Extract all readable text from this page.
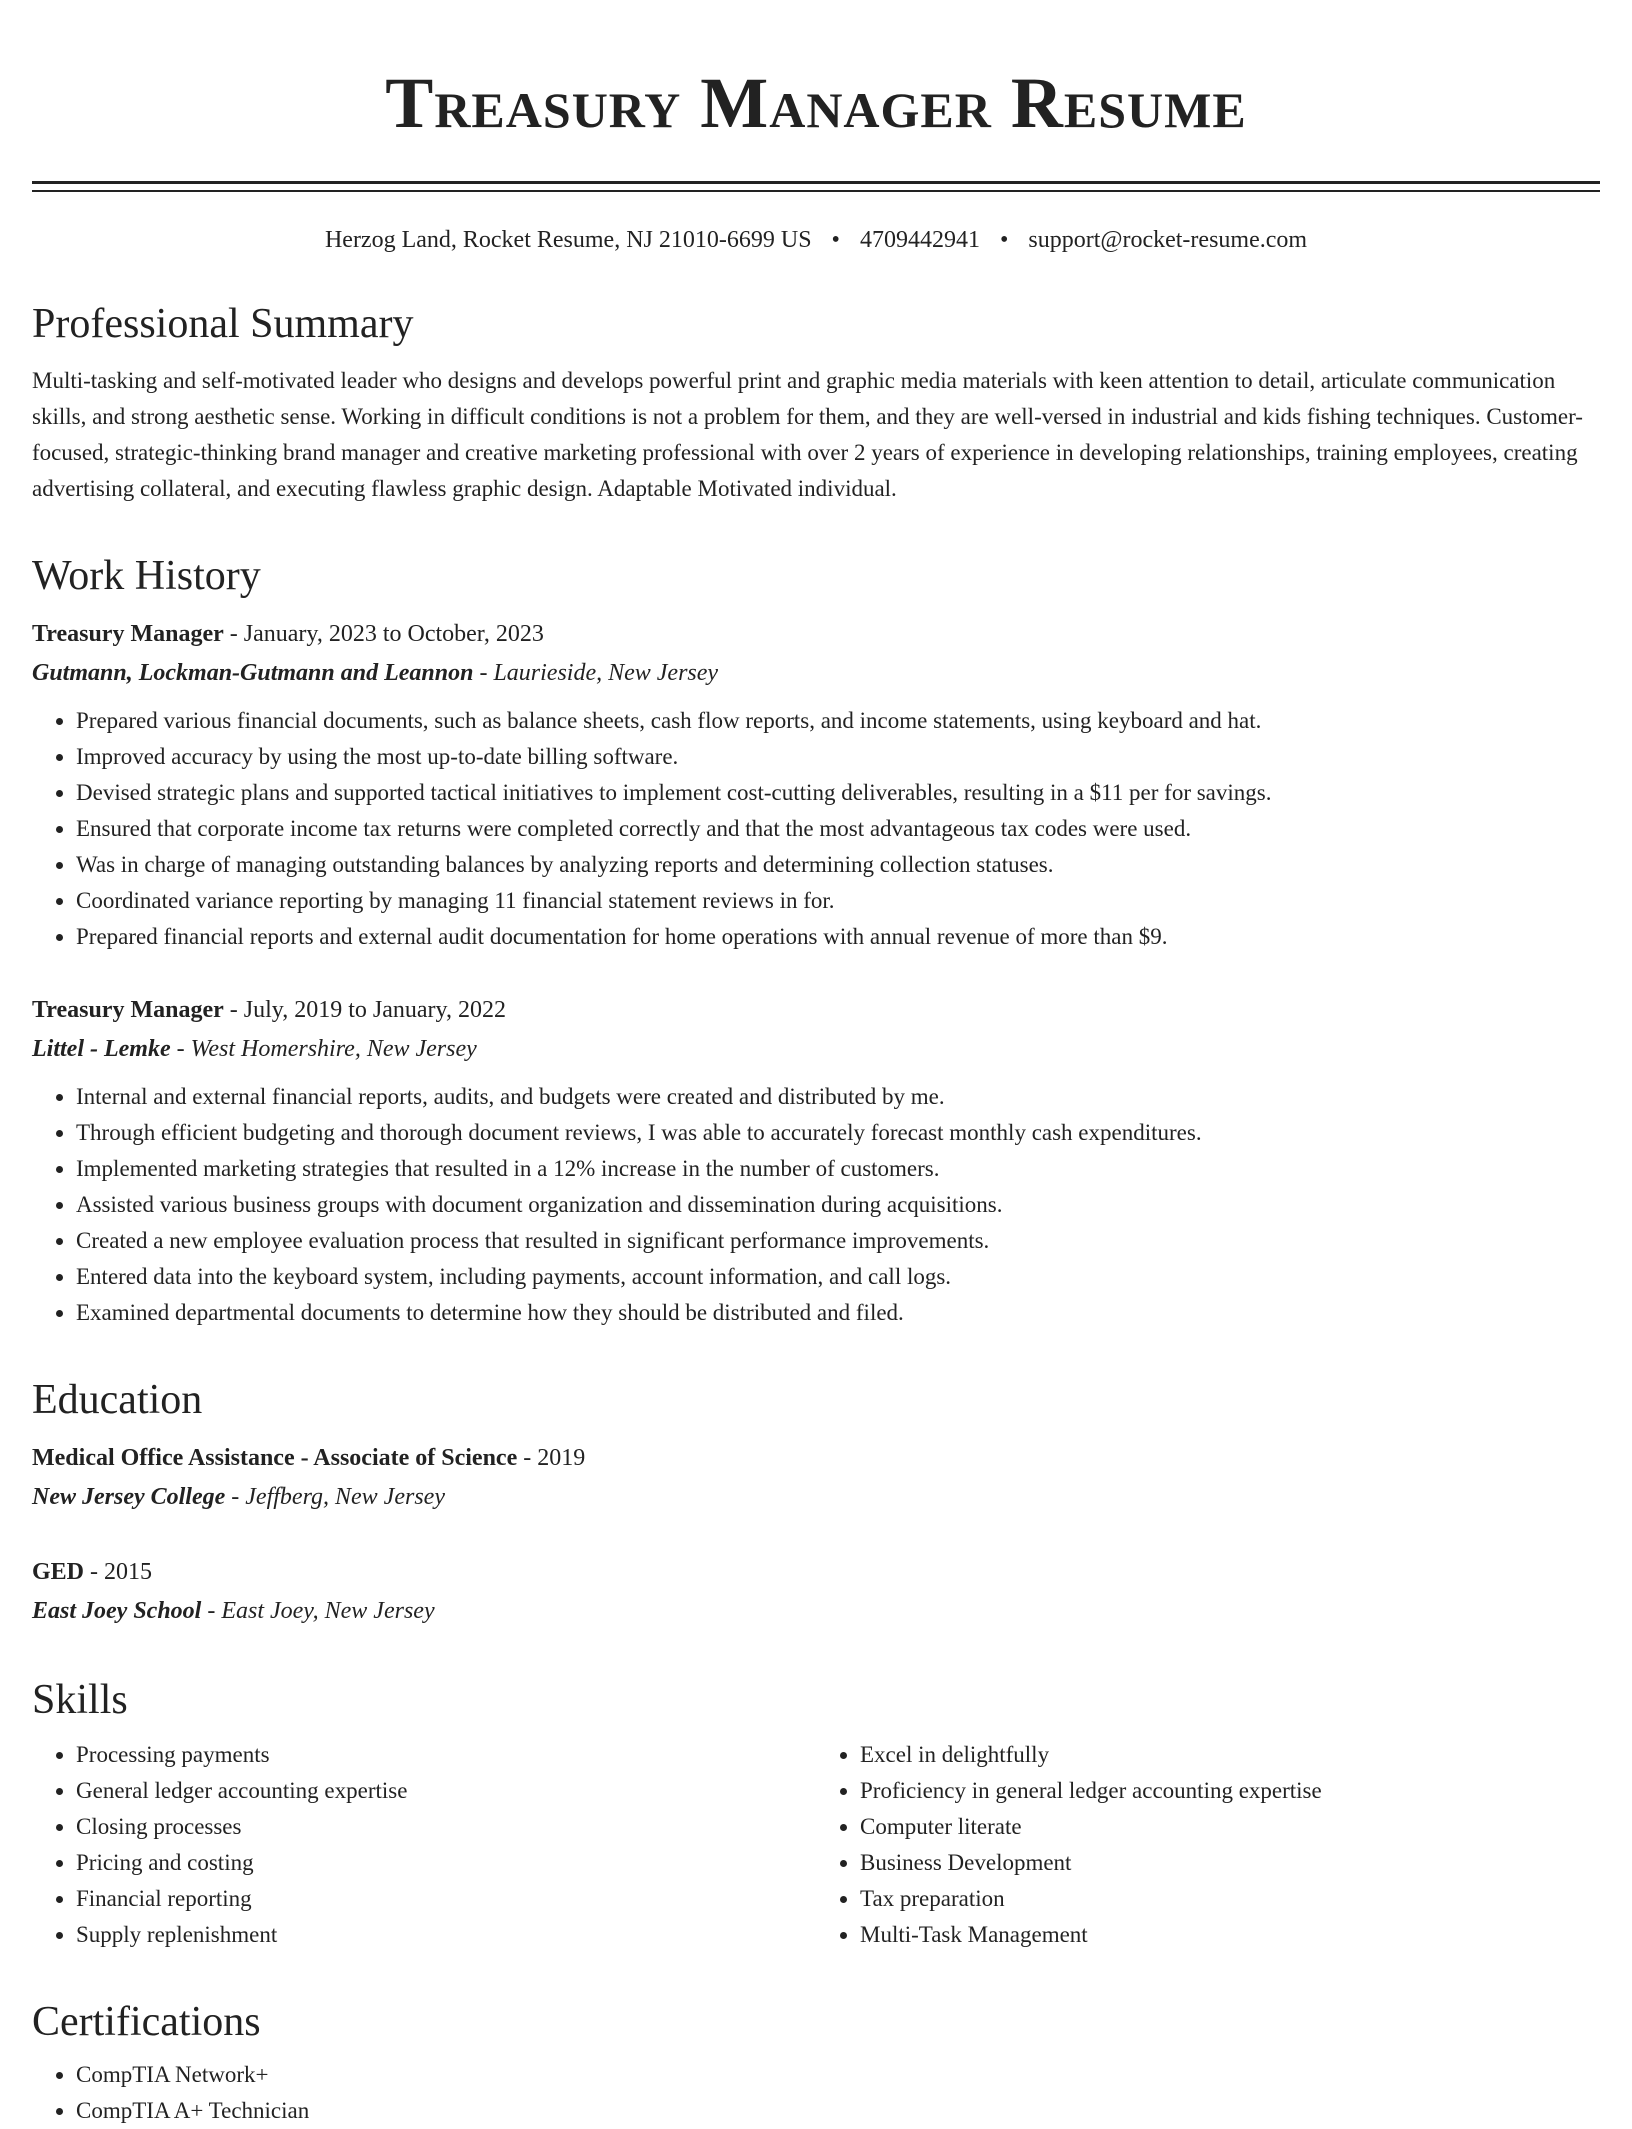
Treasury Manager Resume
Herzog Land, Rocket Resume, NJ 21010-6699 US • 4709442941 • support@rocket-resume.com
Professional Summary

Multi-tasking and self-motivated leader who designs and develops powerful print and graphic media materials with keen attention to detail, articulate communication skills, and strong aesthetic sense. Working in difficult conditions is not a problem for them, and they are well-versed in industrial and kids fishing techniques. Customer-focused, strategic-thinking brand manager and creative marketing professional with over 2 years of experience in developing relationships, training employees, creating advertising collateral, and executing flawless graphic design. Adaptable Motivated individual.

Work History
Treasury Manager - January, 2023 to October, 2023
Gutmann, Lockman-Gutmann and Leannon - Laurieside, New Jersey
• Prepared various financial documents, such as balance sheets, cash flow reports, and income statements, using keyboard and hat.
• Improved accuracy by using the most up-to-date billing software.
• Devised strategic plans and supported tactical initiatives to implement cost-cutting deliverables, resulting in a $11 per for savings.
• Ensured that corporate income tax returns were completed correctly and that the most advantageous tax codes were used.
• Was in charge of managing outstanding balances by analyzing reports and determining collection statuses.
• Coordinated variance reporting by managing 11 financial statement reviews in for.
• Prepared financial reports and external audit documentation for home operations with annual revenue of more than $9.
Treasury Manager - July, 2019 to January, 2022
Littel - Lemke - West Homershire, New Jersey
• Internal and external financial reports, audits, and budgets were created and distributed by me.
• Through efficient budgeting and thorough document reviews, I was able to accurately forecast monthly cash expenditures.
• Implemented marketing strategies that resulted in a 12% increase in the number of customers.
• Assisted various business groups with document organization and dissemination during acquisitions.
• Created a new employee evaluation process that resulted in significant performance improvements.
• Entered data into the keyboard system, including payments, account information, and call logs.
• Examined departmental documents to determine how they should be distributed and filed.
Education
Medical Office Assistance - Associate of Science - 2019
New Jersey College - Jeffberg, New Jersey
GED - 2015
East Joey School - East Joey, New Jersey
Skills
• Processing payments
• General ledger accounting expertise
• Closing processes
• Pricing and costing
• Financial reporting
• Supply replenishment
• Excel in delightfully
• Proficiency in general ledger accounting expertise
• Computer literate
• Business Development
• Tax preparation
• Multi-Task Management
Certifications
• CompTIA Network+
• CompTIA A+ Technician
